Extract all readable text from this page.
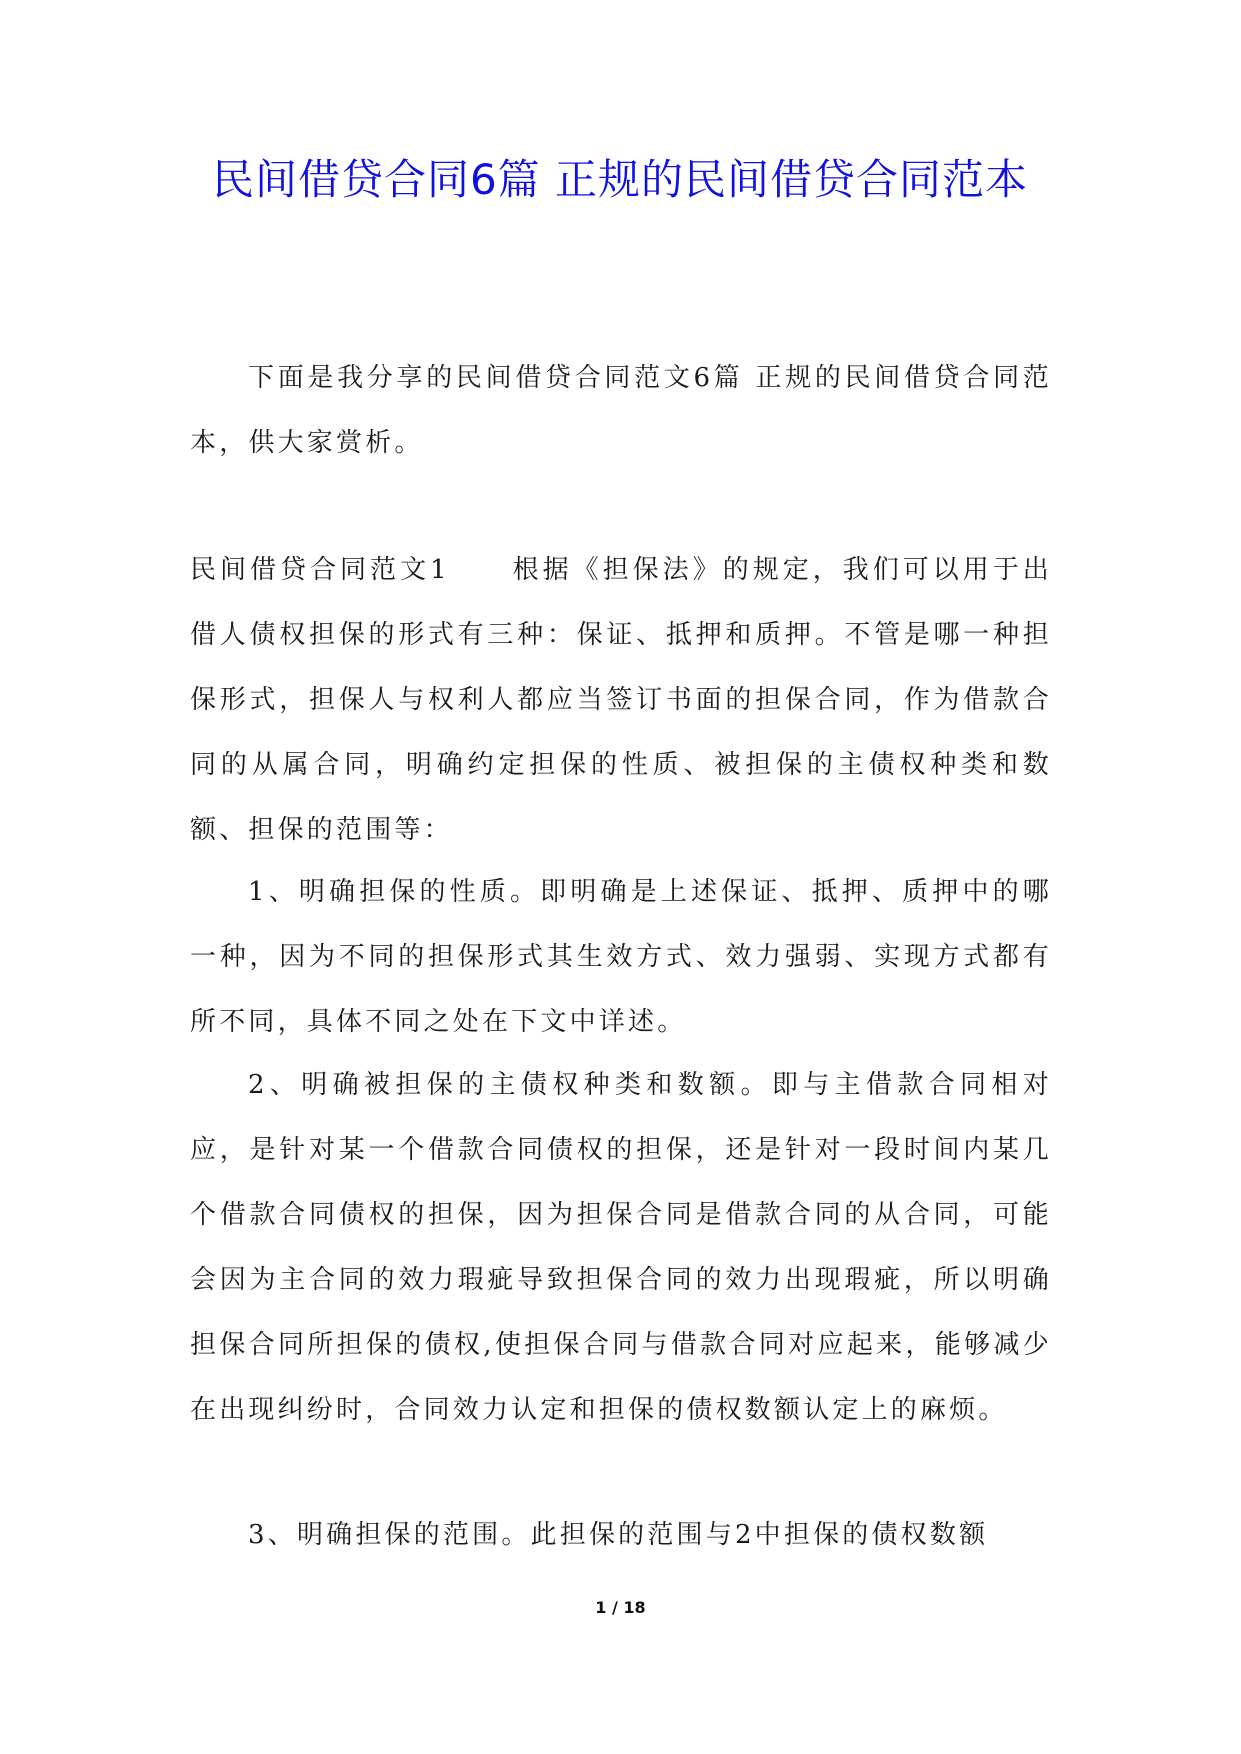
民间借贷合同6篇 正规的民间借贷合同范本
下面是我分享的民间借贷合同范文6篇 正规的民间借贷合同范本，供大家赏析。
民间借贷合同范文1 根据《担保法》的规定，我们可以用于出借人债权担保的形式有三种：保证、抵押和质押。不管是哪一种担保形式，担保人与权利人都应当签订书面的担保合同，作为借款合同的从属合同，明确约定担保的性质、被担保的主债权种类和数额、担保的范围等：
1、明确担保的性质。即明确是上述保证、抵押、质押中的哪一种，因为不同的担保形式其生效方式、效力强弱、实现方式都有所不同，具体不同之处在下文中详述。
2、明确被担保的主债权种类和数额。即与主借款合同相对应，是针对某一个借款合同债权的担保，还是针对一段时间内某几个借款合同债权的担保，因为担保合同是借款合同的从合同，可能会因为主合同的效力瑕疵导致担保合同的效力出现瑕疵，所以明确担保合同所担保的债权,使担保合同与借款合同对应起来，能够减少在出现纠纷时，合同效力认定和担保的债权数额认定上的麻烦。
3、明确担保的范围。此担保的范围与2中担保的债权数额
1 / 18
